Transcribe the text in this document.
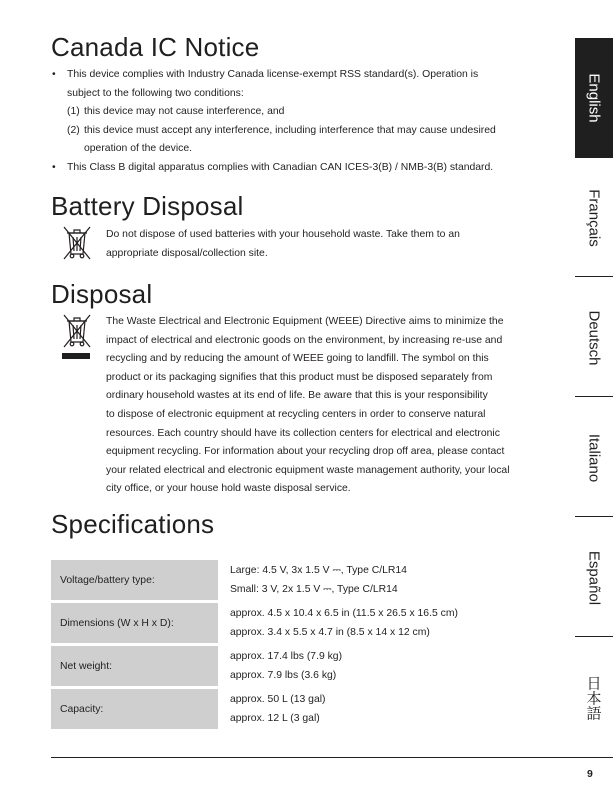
Canada IC Notice
• This device complies with Industry Canada license-exempt RSS standard(s). Operation is
subject to the following two conditions:
(1) this device may not cause interference, and
(2) this device must accept any interference, including interference that may cause undesired
operation of the device.
• This Class B digital apparatus complies with Canadian CAN ICES-3(B) / NMB-3(B) standard.
Battery Disposal
Do not dispose of used batteries with your household waste. Take them to an
appropriate disposal/collection site.
Disposal
The Waste Electrical and Electronic Equipment (WEEE) Directive aims to minimize the
impact of electrical and electronic goods on the environment, by increasing re-use and
recycling and by reducing the amount of WEEE going to landfill. The symbol on this
product or its packaging signifies that this product must be disposed separately from
ordinary household wastes at its end of life. Be aware that this is your responsibility
to dispose of electronic equipment at recycling centers in order to conserve natural
resources. Each country should have its collection centers for electrical and electronic
equipment recycling. For information about your recycling drop off area, please contact
your related electrical and electronic equipment waste management authority, your local
city office, or your house hold waste disposal service.
Specifications
Voltage/battery type:		Large: 4.5 V, 3x 1.5 V ⎓, Type C/LR14
Small: 3 V, 2x 1.5 V ⎓, Type C/LR14

Dimensions (W x H x D):		approx. 4.5 x 10.4 x 6.5 in (11.5 x 26.5 x 16.5 cm)
approx. 3.4 x 5.5 x 4.7 in (8.5 x 14 x 12 cm)

Net weight:		approx. 17.4 lbs (7.9 kg)
approx. 7.9 lbs (3.6 kg)

Capacity:		approx. 50 L (13 gal)
approx. 12 L (3 gal)
English
Français
Deutsch
Italiano
Español
日本語
9
